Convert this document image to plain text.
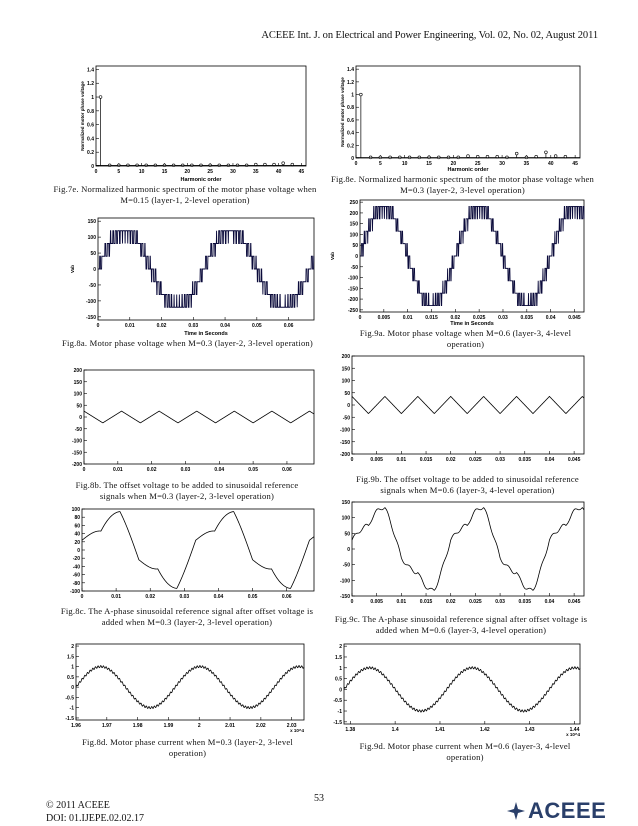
ACEEE Int. J. on Electrical and Power Engineering, Vol. 02, No. 02, August 2011
0
0.2
0.4
0.6
0.8
1
1.2
1.4
0	5	10	15	20	25	30	35	40	45
Harmonic order
Normalized motor phase voltage
Fig.7e. Normalized harmonic spectrum of the motor phase voltage when M=0.15 (layer-1, 2-level operation)
0
0.2
0.4
0.6
0.8
1
1.2
1.4
0	5	10	15	20	25	30	35	40	45
Harmonic order
Normalized motor phase voltage
Fig.8e. Normalized harmonic spectrum of the motor phase voltage when M=0.3 (layer-2, 3-level operation)
-150
-100
-50
0
50
100
150
0	0.01	0.02	0.03	0.04	0.05	0.06
Time in Seconds
Vab
Fig.8a. Motor phase voltage when M=0.3 (layer-2, 3-level operation)
-250
-200
-150
-100
-50
0
50
100
150
200
250
0	0.005	0.01	0.015	0.02	0.025	0.03	0.035	0.04	0.045
Time in Seconds
Vab
Fig.9a. Motor phase voltage when M=0.6 (layer-3, 4-level operation)
-200
-150
-100
-50
0
50
100
150
200
0	0.01	0.02	0.03	0.04	0.05	0.06
Fig.8b. The offset voltage to be added to sinusoidal reference signals when M=0.3 (layer-2, 3-level operation)
-200
-150
-100
-50
0
50
100
150
200
0	0.005	0.01	0.015	0.02	0.025	0.03	0.035	0.04	0.045
Fig.9b. The offset voltage to be added to sinusoidal reference signals when M=0.6 (layer-3, 4-level operation)
-100
-80
-60
-40
-20
0
20
40
60
80
100
0	0.01	0.02	0.03	0.04	0.05	0.06
Fig.8c. The A-phase sinusoidal reference signal after offset voltage is added when M=0.3 (layer-2, 3-level operation)
-150
-100
-50
0
50
100
150
0	0.005	0.01	0.015	0.02	0.025	0.03	0.035	0.04	0.045
Fig.9c. The A-phase sinusoidal reference signal after offset voltage is added when M=0.6 (layer-3, 4-level operation)
-1.5
-1
-0.5
0
0.5
1
1.5
2
1.96	1.97	1.98	1.99	2	2.01	2.02	2.03
x 10^4
Fig.8d. Motor phase current when M=0.3 (layer-2, 3-level operation)
-1.5
-1
-0.5
0
0.5
1
1.5
2
1.38	1.4	1.41	1.42	1.43	1.44
x 10^4
Fig.9d. Motor phase current when M=0.6 (layer-3, 4-level operation)
53
© 2011 ACEEE
DOI: 01.IJEPE.02.02.17	ACEEE
